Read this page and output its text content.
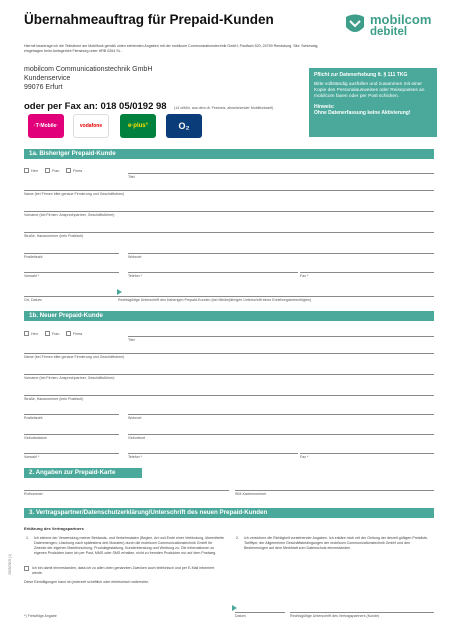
Übernahmeauftrag für Prepaid-Kunden	mobilcom
debitel
Hiermit beantrage ich die Teilnahme am Mobilfunk gemäß unten stehenden Angaben mit der mobilcom Communicationstechnik GmbH, Postfach 520, 24759 Rendsburg. Sitz: Schleswig, eingetragen beim Amtsgericht Flensburg unter HRB 0264 SL.
mobilcom Communicationstechnik GmbH
Kundenservice
99076 Erfurt
oder per Fax an: 018 05/0192 98 (14 ct/Min. aus dem dt. Festnetz, abweichender Mobilfunktarif)
·T·Mobile·	vodafone	e·plus°	O₂
Pflicht zur Datenerhebung lt. § 111 TKG
Bitte vollständig ausfüllen und zusammen mit einer Kopie des Personalausweises oder Reisepasses an mobilcom faxen oder per Post schicken.
Hinweis:
Ohne Datenerfassung keine Aktivierung!
1a. Bisheriger Prepaid-Kunde
Herr	Frau	Firma
Titel
Name (bei Firmen bitte genaue Firmierung und Geschäftsform)
Vorname (bei Firmen: Ansprechpartner, Geschäftsführer)
Straße, Hausnummer (kein Postfach)
Postleitzahl	Wohnort
Vorwahl *	Telefon *	Fax *
Ort, Datum	Rechtsgültige Unterschrift des bisherigen Prepaid-Kunden (bei Minderjährigen Unterschrift eines Erziehungsberechtigten)
1b. Neuer Prepaid-Kunde
Herr	Frau	Firma
Titel
Name (bei Firmen bitte genaue Firmierung und Geschäftsform)
Vorname (bei Firmen: Ansprechpartner, Geschäftsführer)
Straße, Hausnummer (kein Postfach)
Postleitzahl	Wohnort
Geburtsdatum	Geburtsort
Vorwahl *	Telefon *	Fax *
2. Angaben zur Prepaid-Karte
Rufnummer	SIM-Kartennummer
3. Vertragspartner/Datenschutzerklärung/Unterschrift des neuen Prepaid-Kunden
Erklärung des Vertragspartners
1. Ich stimme der Verwendung meiner Bestands- und Verkehrsdaten (Beginn, Art und Ende einer Verbindung, übermittelte Datenmengen; Löschung nach spätestens drei Monaten) durch die mobilcom Communicationstechnik GmbH für Zwecke der eigenen Marktforschung, Produktgestaltung, Kundenberatung und Werbung zu. Die Informationen zu eigenen Produkten kann ich per Post, MMS oder SMS erhalten, nicht zu fremden Produkten nur auf dem Postweg.
Ich bin damit einverstanden, dass ich zu allen oben genannten Zwecken auch telefonisch und per E-Mail informiert werde.
Diese Einwilligungen kann ich jederzeit schriftlich oder elektronisch widerrufen.
2. Ich versichere die Richtigkeit vorstehender Angaben. Ich erkläre mich mit der Geltung der derzeit gültigen Preisliste, Tarifflyer, der Allgemeinen Geschäftsbedingungen der mobilcom Communicationstechnik GmbH und den Bestimmungen auf dem Merkblatt zum Datenschutz einverstanden.
Datum	Rechtsgültige Unterschrift des Vertragspartners (Kunde)
*) Freiwillige Angabe
0905/0905 (1)
